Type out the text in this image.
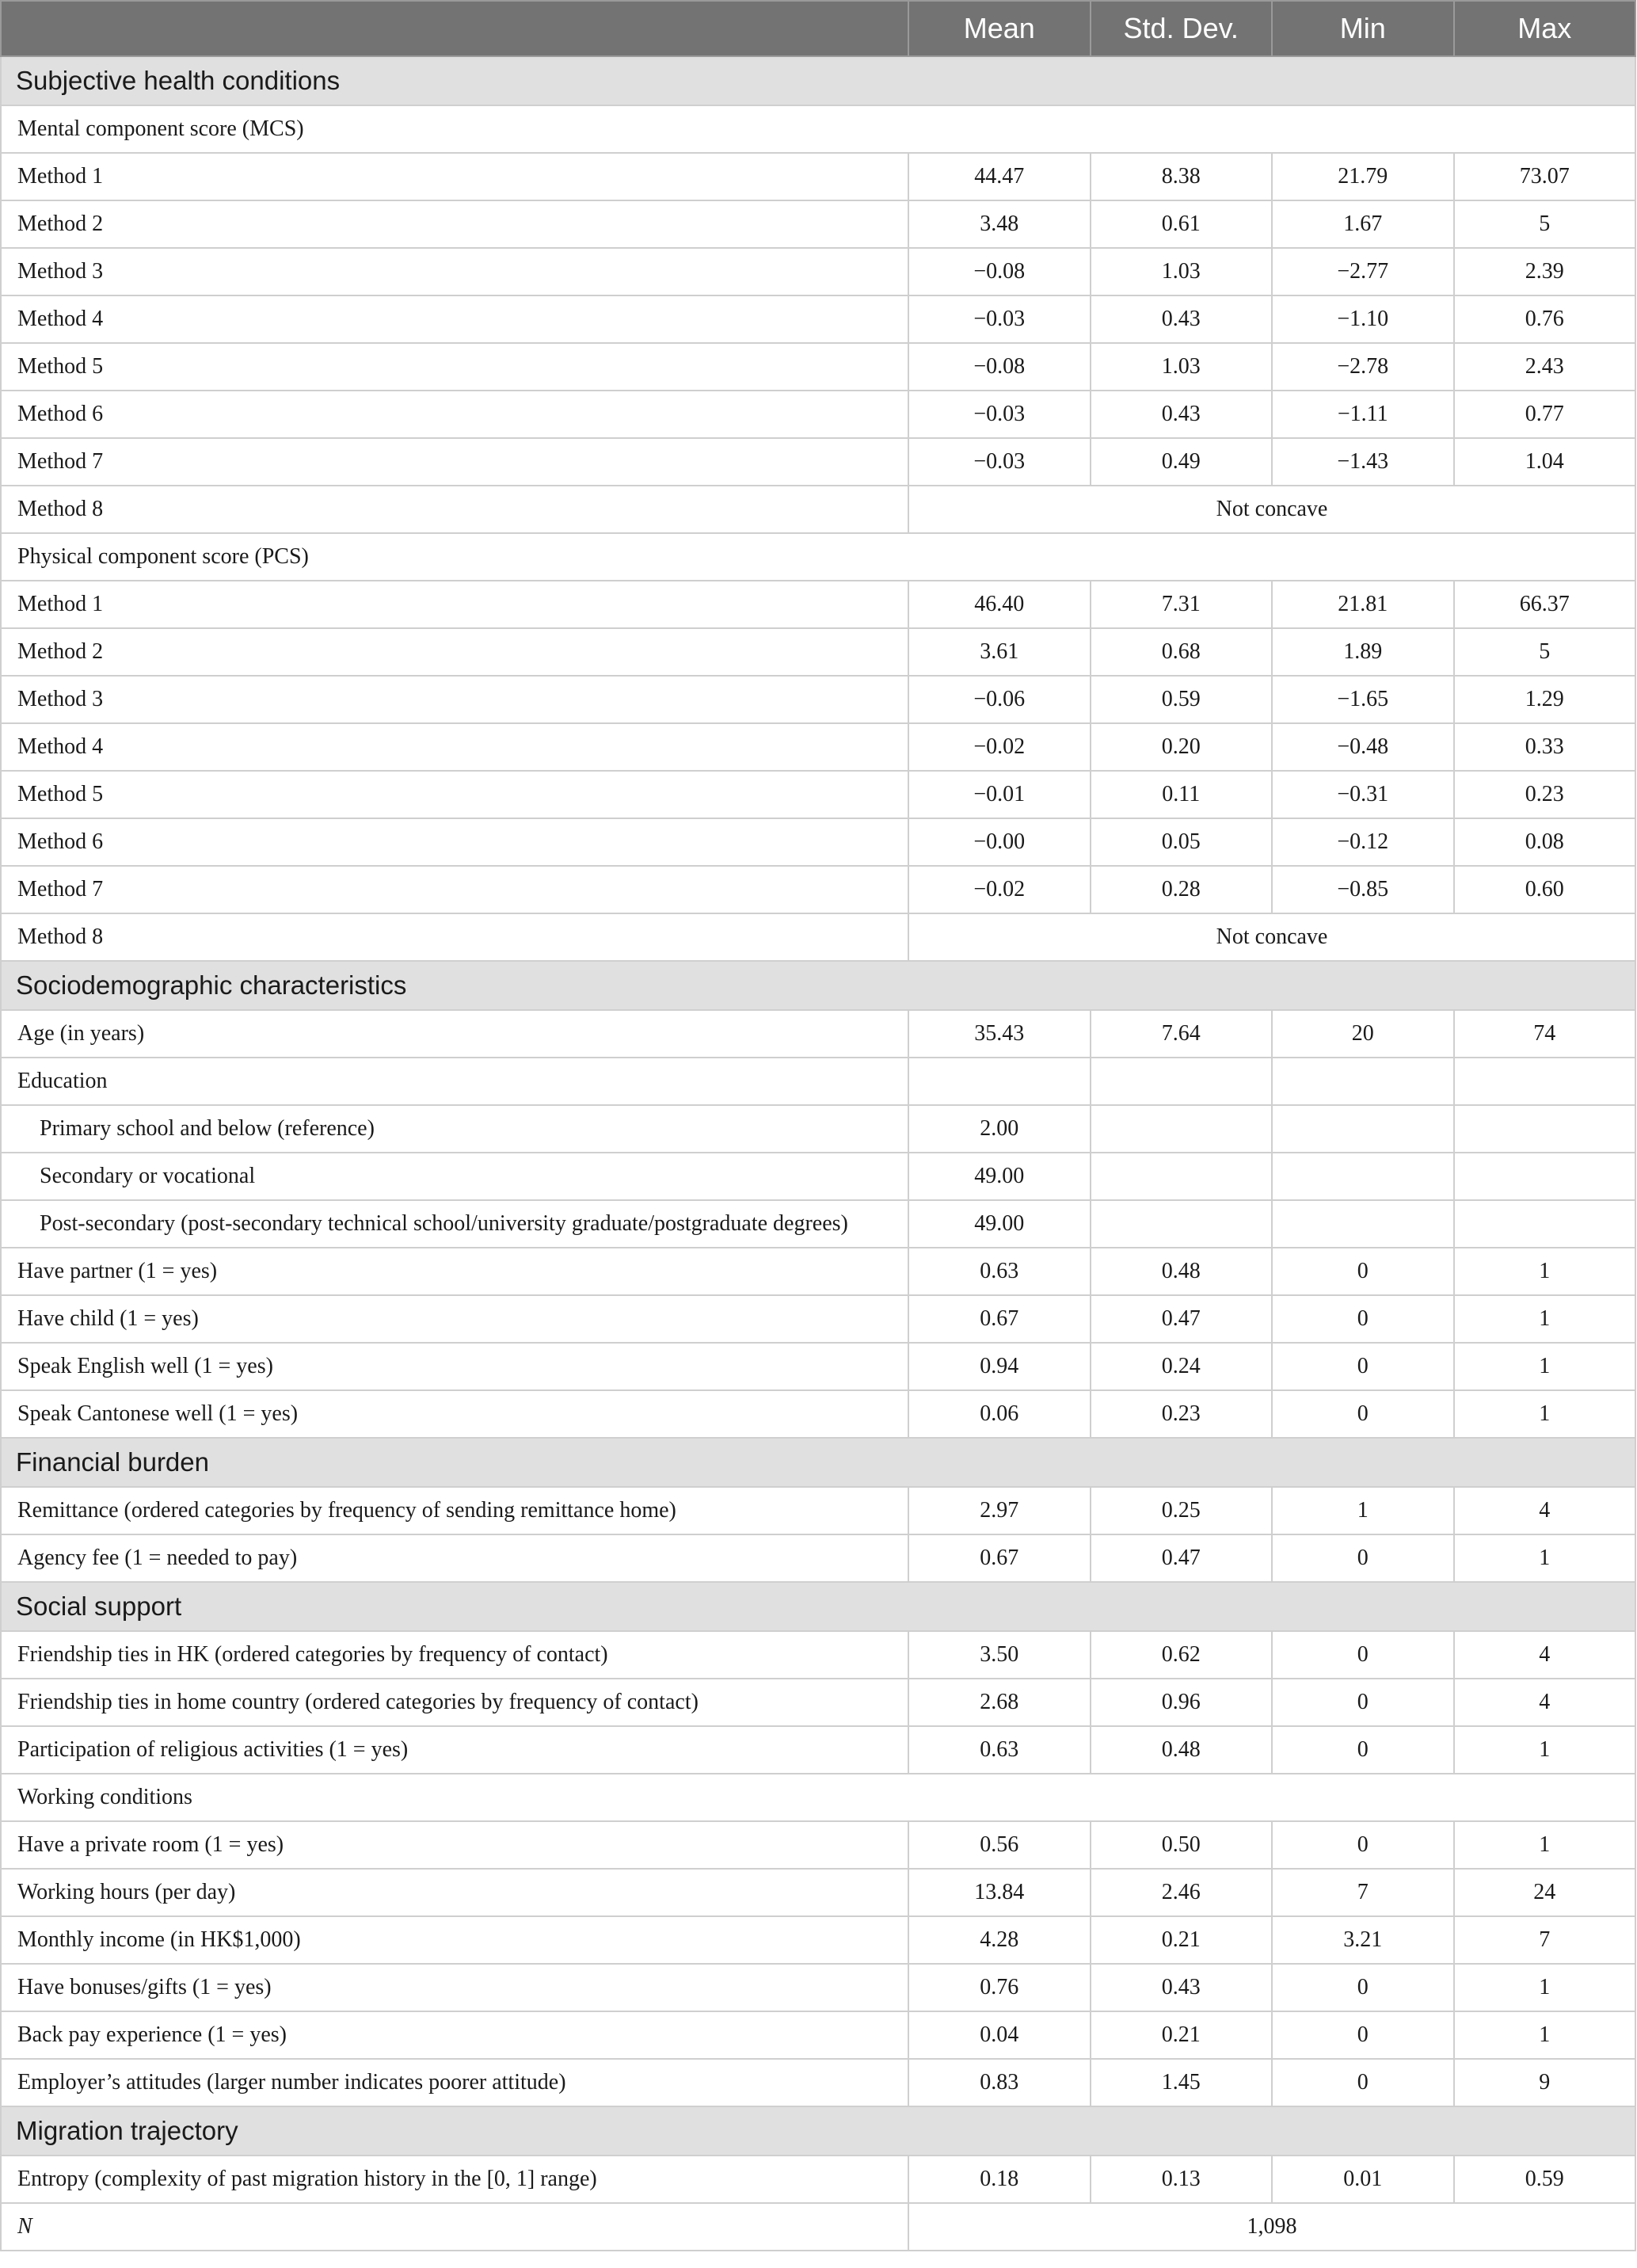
	Mean	Std. Dev.	Min	Max
Subjective health conditions				
Mental component score (MCS)				
Method 1	44.47	8.38	21.79	73.07
Method 2	3.48	0.61	1.67	5
Method 3	−0.08	1.03	−2.77	2.39
Method 4	−0.03	0.43	−1.10	0.76
Method 5	−0.08	1.03	−2.78	2.43
Method 6	−0.03	0.43	−1.11	0.77
Method 7	−0.03	0.49	−1.43	1.04
Method 8	Not concave			
Physical component score (PCS)				
Method 1	46.40	7.31	21.81	66.37
Method 2	3.61	0.68	1.89	5
Method 3	−0.06	0.59	−1.65	1.29
Method 4	−0.02	0.20	−0.48	0.33
Method 5	−0.01	0.11	−0.31	0.23
Method 6	−0.00	0.05	−0.12	0.08
Method 7	−0.02	0.28	−0.85	0.60
Method 8	Not concave			
Sociodemographic characteristics				
Age (in years)	35.43	7.64	20	74
Education				
Primary school and below (reference)	2.00			
Secondary or vocational	49.00			
Post-secondary (post-secondary technical school/university graduate/postgraduate degrees)	49.00			
Have partner (1 = yes)	0.63	0.48	0	1
Have child (1 = yes)	0.67	0.47	0	1
Speak English well (1 = yes)	0.94	0.24	0	1
Speak Cantonese well (1 = yes)	0.06	0.23	0	1
Financial burden				
Remittance (ordered categories by frequency of sending remittance home)	2.97	0.25	1	4
Agency fee (1 = needed to pay)	0.67	0.47	0	1
Social support				
Friendship ties in HK (ordered categories by frequency of contact)	3.50	0.62	0	4
Friendship ties in home country (ordered categories by frequency of contact)	2.68	0.96	0	4
Participation of religious activities (1 = yes)	0.63	0.48	0	1
Working conditions				
Have a private room (1 = yes)	0.56	0.50	0	1
Working hours (per day)	13.84	2.46	7	24
Monthly income (in HK$1,000)	4.28	0.21	3.21	7
Have bonuses/gifts (1 = yes)	0.76	0.43	0	1
Back pay experience (1 = yes)	0.04	0.21	0	1
Employer’s attitudes (larger number indicates poorer attitude)	0.83	1.45	0	9
Migration trajectory				
Entropy (complexity of past migration history in the [0, 1] range)	0.18	0.13	0.01	0.59
N	1,098			
